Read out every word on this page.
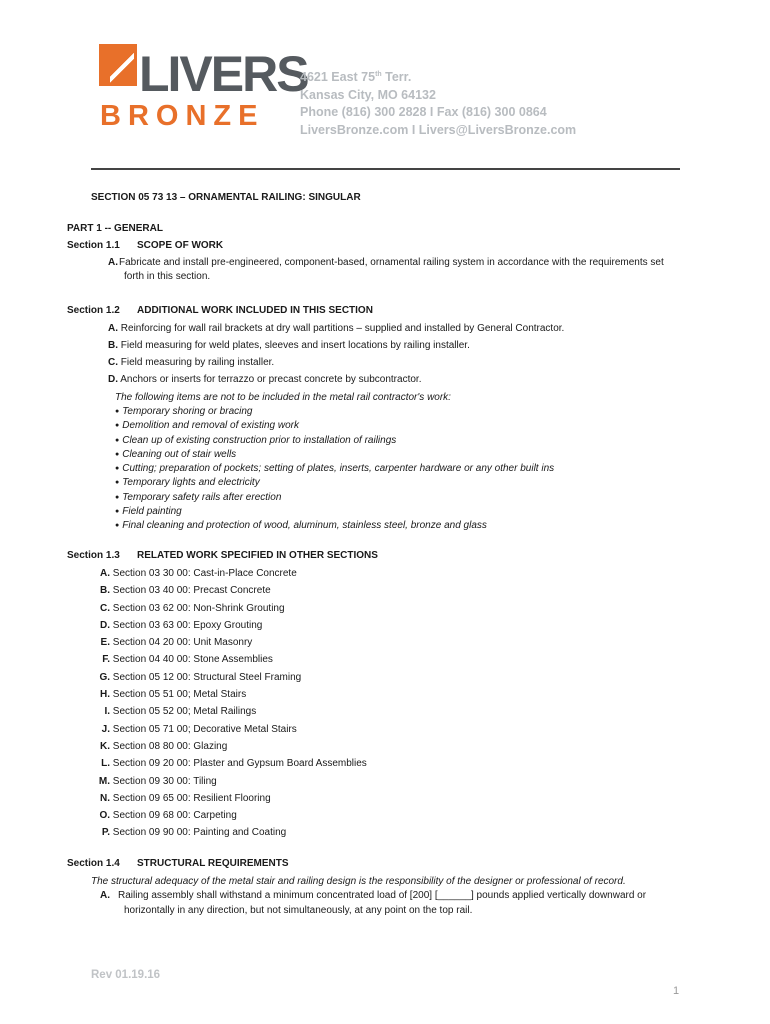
LIVERS
BRONZE
4621 East 75th Terr.
Kansas City, MO 64132
Phone (816) 300 2828 I Fax (816) 300 0864
LiversBronze.com I Livers@LiversBronze.com
SECTION 05 73 13 – ORNAMENTAL RAILING: SINGULAR
PART 1 -- GENERAL
Section 1.1 SCOPE OF WORK
A. Fabricate and install pre-engineered, component-based, ornamental railing system in accordance with the requirements set
forth in this section.
Section 1.2 ADDITIONAL WORK INCLUDED IN THIS SECTION
A. Reinforcing for wall rail brackets at dry wall partitions – supplied and installed by General Contractor.
B. Field measuring for weld plates, sleeves and insert locations by railing installer.
C. Field measuring by railing installer.
D. Anchors or inserts for terrazzo or precast concrete by subcontractor.
The following items are not to be included in the metal rail contractor's work:
● Temporary shoring or bracing
● Demolition and removal of existing work
● Clean up of existing construction prior to installation of railings
● Cleaning out of stair wells
● Cutting; preparation of pockets; setting of plates, inserts, carpenter hardware or any other built ins
● Temporary lights and electricity
● Temporary safety rails after erection
● Field painting
● Final cleaning and protection of wood, aluminum, stainless steel, bronze and glass
Section 1.3 RELATED WORK SPECIFIED IN OTHER SECTIONS
A. Section 03 30 00: Cast-in-Place Concrete
B. Section 03 40 00: Precast Concrete
C. Section 03 62 00: Non-Shrink Grouting
D. Section 03 63 00: Epoxy Grouting
E. Section 04 20 00: Unit Masonry
F. Section 04 40 00: Stone Assemblies
G. Section 05 12 00: Structural Steel Framing
H. Section 05 51 00; Metal Stairs
I. Section 05 52 00; Metal Railings
J. Section 05 71 00; Decorative Metal Stairs
K. Section 08 80 00: Glazing
L. Section 09 20 00: Plaster and Gypsum Board Assemblies
M. Section 09 30 00: Tiling
N. Section 09 65 00: Resilient Flooring
O. Section 09 68 00: Carpeting
P. Section 09 90 00: Painting and Coating
Section 1.4 STRUCTURAL REQUIREMENTS
The structural adequacy of the metal stair and railing design is the responsibility of the designer or professional of record.
A. Railing assembly shall withstand a minimum concentrated load of [200] [______] pounds applied vertically downward or
horizontally in any direction, but not simultaneously, at any point on the top rail.
Rev 01.19.16
1
